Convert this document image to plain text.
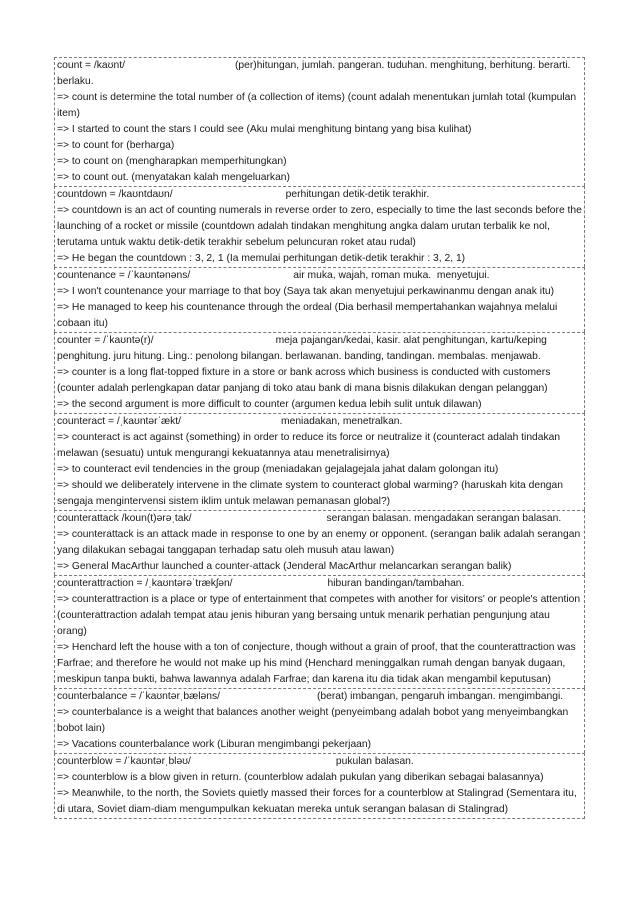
count = /kaʊnt/	(per)hitungan, jumlah. pangeran. tuduhan. menghitung, berhitung. berarti. berlaku.
=> count is determine the total number of (a collection of items) (count adalah menentukan jumlah total (kumpulan item)
=> I started to count the stars I could see (Aku mulai menghitung bintang yang bisa kulihat)
=> to count for (berharga)
=> to count on (mengharapkan memperhitungkan)
=> to count out. (menyatakan kalah mengeluarkan)
countdown = /kaʊntdaʊn/	perhitungan detik-detik terakhir.
=> countdown is an act of counting numerals in reverse order to zero, especially to time the last seconds before the launching of a rocket or missile (countdown adalah tindakan menghitung angka dalam urutan terbalik ke nol, terutama untuk waktu detik-detik terakhir sebelum peluncuran roket atau rudal)
=> He began the countdown : 3, 2, 1 (Ia memulai perhitungan detik-detik terakhir : 3, 2, 1)
countenance = /ˈkaʊntənəns/	air muka, wajah, roman muka.  menyetujui.
=> I won't countenance your marriage to that boy (Saya tak akan menyetujui perkawinanmu dengan anak itu)
=> He managed to keep his countenance through the ordeal (Dia berhasil mempertahankan wajahnya melalui cobaan itu)
counter = /ˈkaʊntə(r)/	meja pajangan/kedai, kasir. alat penghitungan, kartu/keping penghitung. juru hitung. Ling.: penolong bilangan. berlawanan. banding, tandingan. membalas. menjawab.
=> counter is a long flat-topped fixture in a store or bank across which business is conducted with customers (counter adalah perlengkapan datar panjang di toko atau bank di mana bisnis dilakukan dengan pelanggan)
=> the second argument is more difficult to counter (argumen kedua lebih sulit untuk dilawan)
counteract = /ˌkaʊntərˈækt/	meniadakan, menetralkan.
=> counteract is act against (something) in order to reduce its force or neutralize it (counteract adalah tindakan melawan (sesuatu) untuk mengurangi kekuatannya atau menetralisirnya)
=> to counteract evil tendencies in the group (meniadakan gejalagejala jahat dalam golongan itu)
=> should we deliberately intervene in the climate system to counteract global warming? (haruskah kita dengan sengaja mengintervensi sistem iklim untuk melawan pemanasan global?)
counterattack /koun(t)ərəˌtak/	serangan balasan. mengadakan serangan balasan.
=> counterattack is an attack made in response to one by an enemy or opponent. (serangan balik adalah serangan yang dilakukan sebagai tanggapan terhadap satu oleh musuh atau lawan)
=> General MacArthur launched a counter-attack (Jenderal MacArthur melancarkan serangan balik)
counterattraction = /ˌkaʊntərəˈtrækʃən/	hiburan bandingan/tambahan.
=> counterattraction is a place or type of entertainment that competes with another for visitors' or people's attention (counterattraction adalah tempat atau jenis hiburan yang bersaing untuk menarik perhatian pengunjung atau orang)
=> Henchard left the house with a ton of conjecture, though without a grain of proof, that the counterattraction was Farfrae; and therefore he would not make up his mind (Henchard meninggalkan rumah dengan banyak dugaan, meskipun tanpa bukti, bahwa lawannya adalah Farfrae; dan karena itu dia tidak akan mengambil keputusan)
counterbalance = /ˈkaʊntərˌbæləns/	(berat) imbangan, pengaruh imbangan. mengimbangi.
=> counterbalance is a weight that balances another weight (penyeimbang adalah bobot yang menyeimbangkan bobot lain)
=> Vacations counterbalance work (Liburan mengimbangi pekerjaan)
counterblow = /ˈkaʊntərˌbləʊ/	pukulan balasan.
=> counterblow is a blow given in return. (counterblow adalah pukulan yang diberikan sebagai balasannya)
=> Meanwhile, to the north, the Soviets quietly massed their forces for a counterblow at Stalingrad (Sementara itu, di utara, Soviet diam-diam mengumpulkan kekuatan mereka untuk serangan balasan di Stalingrad)
